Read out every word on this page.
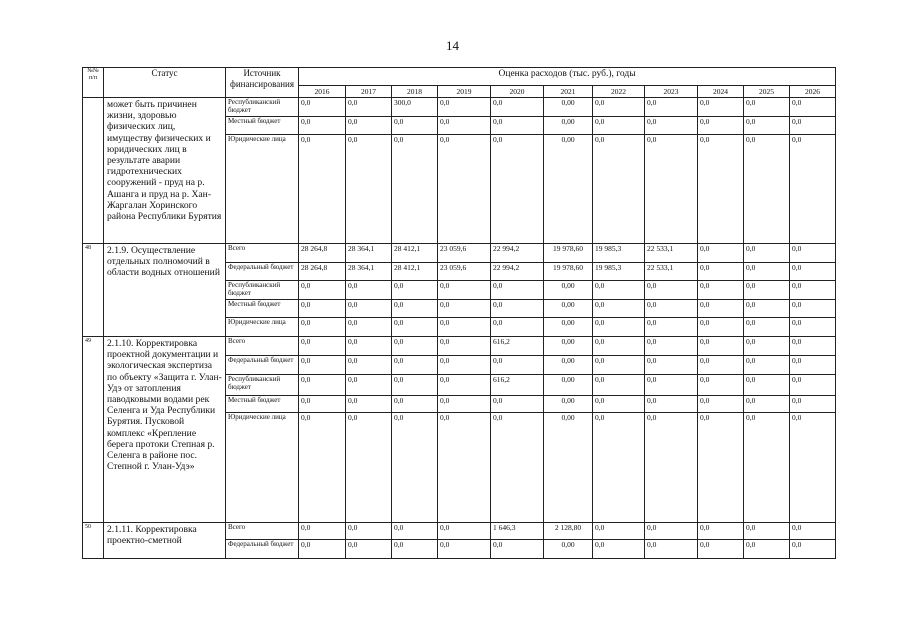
14
№№ п/п	Статус	Источник финансирования	Оценка расходов (тыс. руб.), годы										
			2016	2017	2018	2019	2020	2021	2022	2023	2024	2025	2026
	может быть причинен жизни, здоровью физических лиц, имуществу физических и юридических лиц в результате аварии гидротехнических сооружений - пруд на р. Ашанга и пруд на р. Хан-Жаргалан Хоринского района Республики Бурятия	Республиканский бюджет	0,0	0,0	300,0	0,0	0,0	0,00	0,0	0,0	0,0	0,0	0,0
		Местный бюджет	0,0	0,0	0,0	0,0	0,0	0,00	0,0	0,0	0,0	0,0	0,0
		Юридические лица	0,0	0,0	0,0	0,0	0,0	0,00	0,0	0,0	0,0	0,0	0,0
48	2.1.9. Осуществление отдельных полномочий в области водных отношений	Всего	28 264,8	28 364,1	28 412,1	23 059,6	22 994,2	19 978,60	19 985,3	22 533,1	0,0	0,0	0,0
		Федеральный бюджет	28 264,8	28 364,1	28 412,1	23 059,6	22 994,2	19 978,60	19 985,3	22 533,1	0,0	0,0	0,0
		Республиканский бюджет	0,0	0,0	0,0	0,0	0,0	0,00	0,0	0,0	0,0	0,0	0,0
		Местный бюджет	0,0	0,0	0,0	0,0	0,0	0,00	0,0	0,0	0,0	0,0	0,0
		Юридические лица	0,0	0,0	0,0	0,0	0,0	0,00	0,0	0,0	0,0	0,0	0,0
49	2.1.10. Корректировка проектной документации и экологическая экспертиза по объекту «Защита г. Улан-Удэ от затопления паводковыми водами рек Селенга и Уда Республики Бурятия. Пусковой комплекс «Крепление берега протоки Степная р. Селенга в районе пос. Степной г. Улан-Удэ»	Всего	0,0	0,0	0,0	0,0	616,2	0,00	0,0	0,0	0,0	0,0	0,0
		Федеральный бюджет	0,0	0,0	0,0	0,0	0,0	0,00	0,0	0,0	0,0	0,0	0,0
		Республиканский бюджет	0,0	0,0	0,0	0,0	616,2	0,00	0,0	0,0	0,0	0,0	0,0
		Местный бюджет	0,0	0,0	0,0	0,0	0,0	0,00	0,0	0,0	0,0	0,0	0,0
		Юридические лица	0,0	0,0	0,0	0,0	0,0	0,00	0,0	0,0	0,0	0,0	0,0
50	2.1.11. Корректировка проектно-сметной	Всего	0,0	0,0	0,0	0,0	1 646,3	2 128,80	0,0	0,0	0,0	0,0	0,0
		Федеральный бюджет	0,0	0,0	0,0	0,0	0,0	0,00	0,0	0,0	0,0	0,0	0,0
